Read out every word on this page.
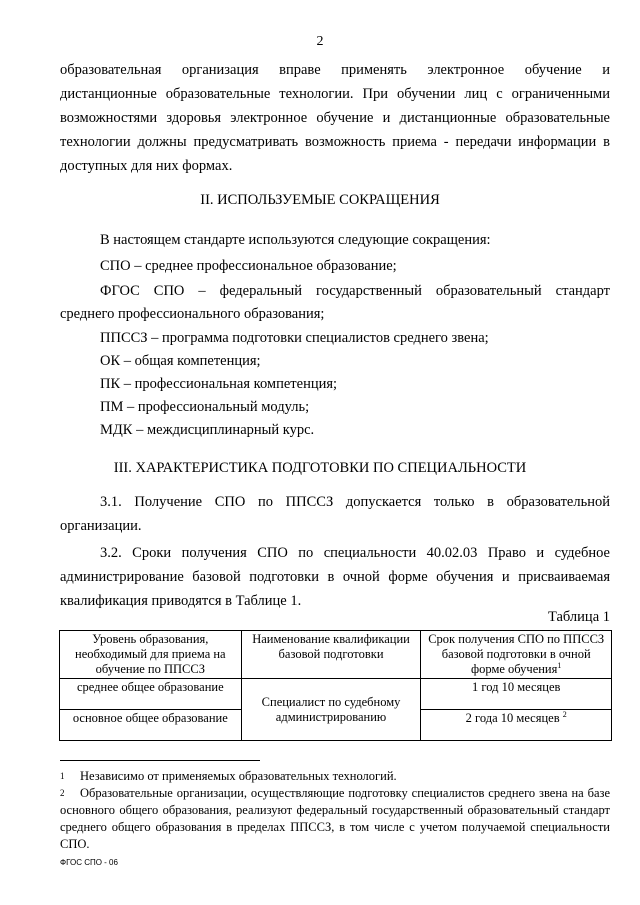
2
образовательная организация вправе применять электронное обучение и
дистанционные образовательные технологии. При обучении лиц с ограниченными
возможностями здоровья электронное обучение и дистанционные образовательные
технологии должны предусматривать возможность приема - передачи информации в
доступных для них формах.
II. ИСПОЛЬЗУЕМЫЕ СОКРАЩЕНИЯ
В настоящем стандарте используются следующие сокращения:
СПО – среднее профессиональное образование;
ФГОС СПО – федеральный государственный образовательный стандарт
среднего профессионального образования;
ППССЗ – программа подготовки специалистов среднего звена;
ОК – общая компетенция;
ПК – профессиональная компетенция;
ПМ – профессиональный модуль;
МДК – междисциплинарный курс.
III. ХАРАКТЕРИСТИКА ПОДГОТОВКИ ПО СПЕЦИАЛЬНОСТИ
3.1. Получение СПО по ППССЗ допускается только в образовательной
организации.
3.2. Сроки получения СПО по специальности 40.02.03 Право и судебное
администрирование базовой подготовки в очной форме обучения и присваиваемая
квалификация приводятся в Таблице 1.
Таблица 1
Уровень образования, необходимый для приема на обучение по ППССЗ	Наименование квалификации базовой подготовки	Срок получения СПО по ППССЗ базовой подготовки в очной форме обучения$^1$
среднее общее образование	Специалист по судебному администрированию	1 год 10 месяцев
основное общее образование		2 года 10 месяцев $^2$
1 Независимо от применяемых образовательных технологий.
2 Образовательные организации, осуществляющие подготовку специалистов среднего звена на базе основного общего образования, реализуют федеральный государственный образовательный стандарт среднего общего образования в пределах ППССЗ, в том числе с учетом получаемой специальности СПО.
ФГОС СПО - 06
